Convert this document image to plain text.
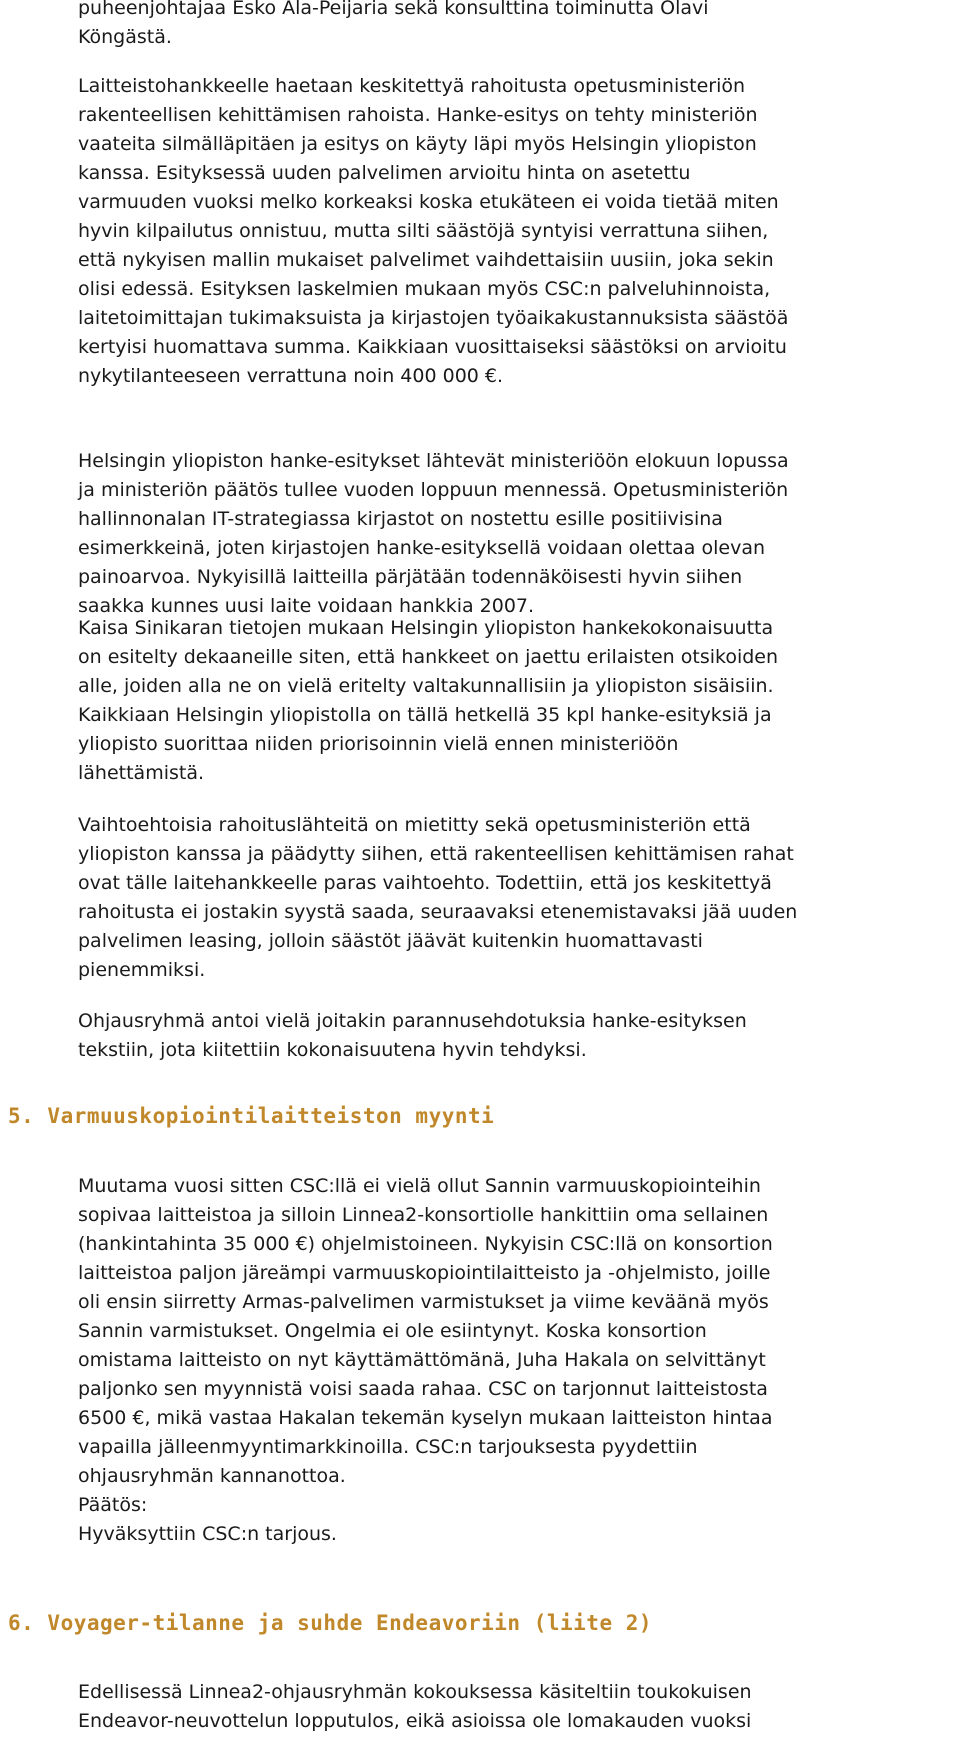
puheenjohtajaa Esko Ala-Peijaria sekä konsulttina toiminutta Olavi
Köngästä.

Laitteistohankkeelle haetaan keskitettyä rahoitusta opetusministeriön
rakenteellisen kehittämisen rahoista. Hanke-esitys on tehty ministeriön
vaateita silmälläpitäen ja esitys on käyty läpi myös Helsingin yliopiston
kanssa. Esityksessä uuden palvelimen arvioitu hinta on asetettu
varmuuden vuoksi melko korkeaksi koska etukäteen ei voida tietää miten
hyvin kilpailutus onnistuu, mutta silti säästöjä syntyisi verrattuna siihen,
että nykyisen mallin mukaiset palvelimet vaihdettaisiin uusiin, joka sekin
olisi edessä. Esityksen laskelmien mukaan myös CSC:n palveluhinnoista,
laitetoimittajan tukimaksuista ja kirjastojen työaikakustannuksista säästöä
kertyisi huomattava summa. Kaikkiaan vuosittaiseksi säästöksi on arvioitu
nykytilanteeseen verrattuna noin 400 000 €.

Helsingin yliopiston hanke-esitykset lähtevät ministeriöön elokuun lopussa
ja ministeriön päätös tullee vuoden loppuun mennessä. Opetusministeriön
hallinnonalan IT-strategiassa kirjastot on nostettu esille positiivisina
esimerkkeinä, joten kirjastojen hanke-esityksellä voidaan olettaa olevan
painoarvoa. Nykyisillä laitteilla pärjätään todennäköisesti hyvin siihen
saakka kunnes uusi laite voidaan hankkia 2007.

Kaisa Sinikaran tietojen mukaan Helsingin yliopiston hankekokonaisuutta
on esitelty dekaaneille siten, että hankkeet on jaettu erilaisten otsikoiden
alle, joiden alla ne on vielä eritelty valtakunnallisiin ja yliopiston sisäisiin.
Kaikkiaan Helsingin yliopistolla on tällä hetkellä 35 kpl hanke-esityksiä ja
yliopisto suorittaa niiden priorisoinnin vielä ennen ministeriöön
lähettämistä.

Vaihtoehtoisia rahoituslähteitä on mietitty sekä opetusministeriön että
yliopiston kanssa ja päädytty siihen, että rakenteellisen kehittämisen rahat
ovat tälle laitehankkeelle paras vaihtoehto. Todettiin, että jos keskitettyä
rahoitusta ei jostakin syystä saada, seuraavaksi etenemistavaksi jää uuden
palvelimen leasing, jolloin säästöt jäävät kuitenkin huomattavasti
pienemmiksi.

Ohjausryhmä antoi vielä joitakin parannusehdotuksia hanke-esityksen
tekstiin, jota kiitettiin kokonaisuutena hyvin tehdyksi.

5. Varmuuskopiointilaitteiston myynti

Muutama vuosi sitten CSC:llä ei vielä ollut Sannin varmuuskopiointeihin
sopivaa laitteistoa ja silloin Linnea2-konsortiolle hankittiin oma sellainen
(hankintahinta 35 000 €) ohjelmistoineen. Nykyisin CSC:llä on konsortion
laitteistoa paljon järeämpi varmuuskopiointilaitteisto ja -ohjelmisto, joille
oli ensin siirretty Armas-palvelimen varmistukset ja viime keväänä myös
Sannin varmistukset. Ongelmia ei ole esiintynyt. Koska konsortion
omistama laitteisto on nyt käyttämättömänä, Juha Hakala on selvittänyt
paljonko sen myynnistä voisi saada rahaa. CSC on tarjonnut laitteistosta
6500 €, mikä vastaa Hakalan tekemän kyselyn mukaan laitteiston hintaa
vapailla jälleenmyyntimarkkinoilla. CSC:n tarjouksesta pyydettiin
ohjausryhmän kannanottoa.

Päätös:
Hyväksyttiin CSC:n tarjous.

6. Voyager-tilanne ja suhde Endeavoriin (liite 2)

Edellisessä Linnea2-ohjausryhmän kokouksessa käsiteltiin toukokuisen
Endeavor-neuvottelun lopputulos, eikä asioissa ole lomakauden vuoksi
